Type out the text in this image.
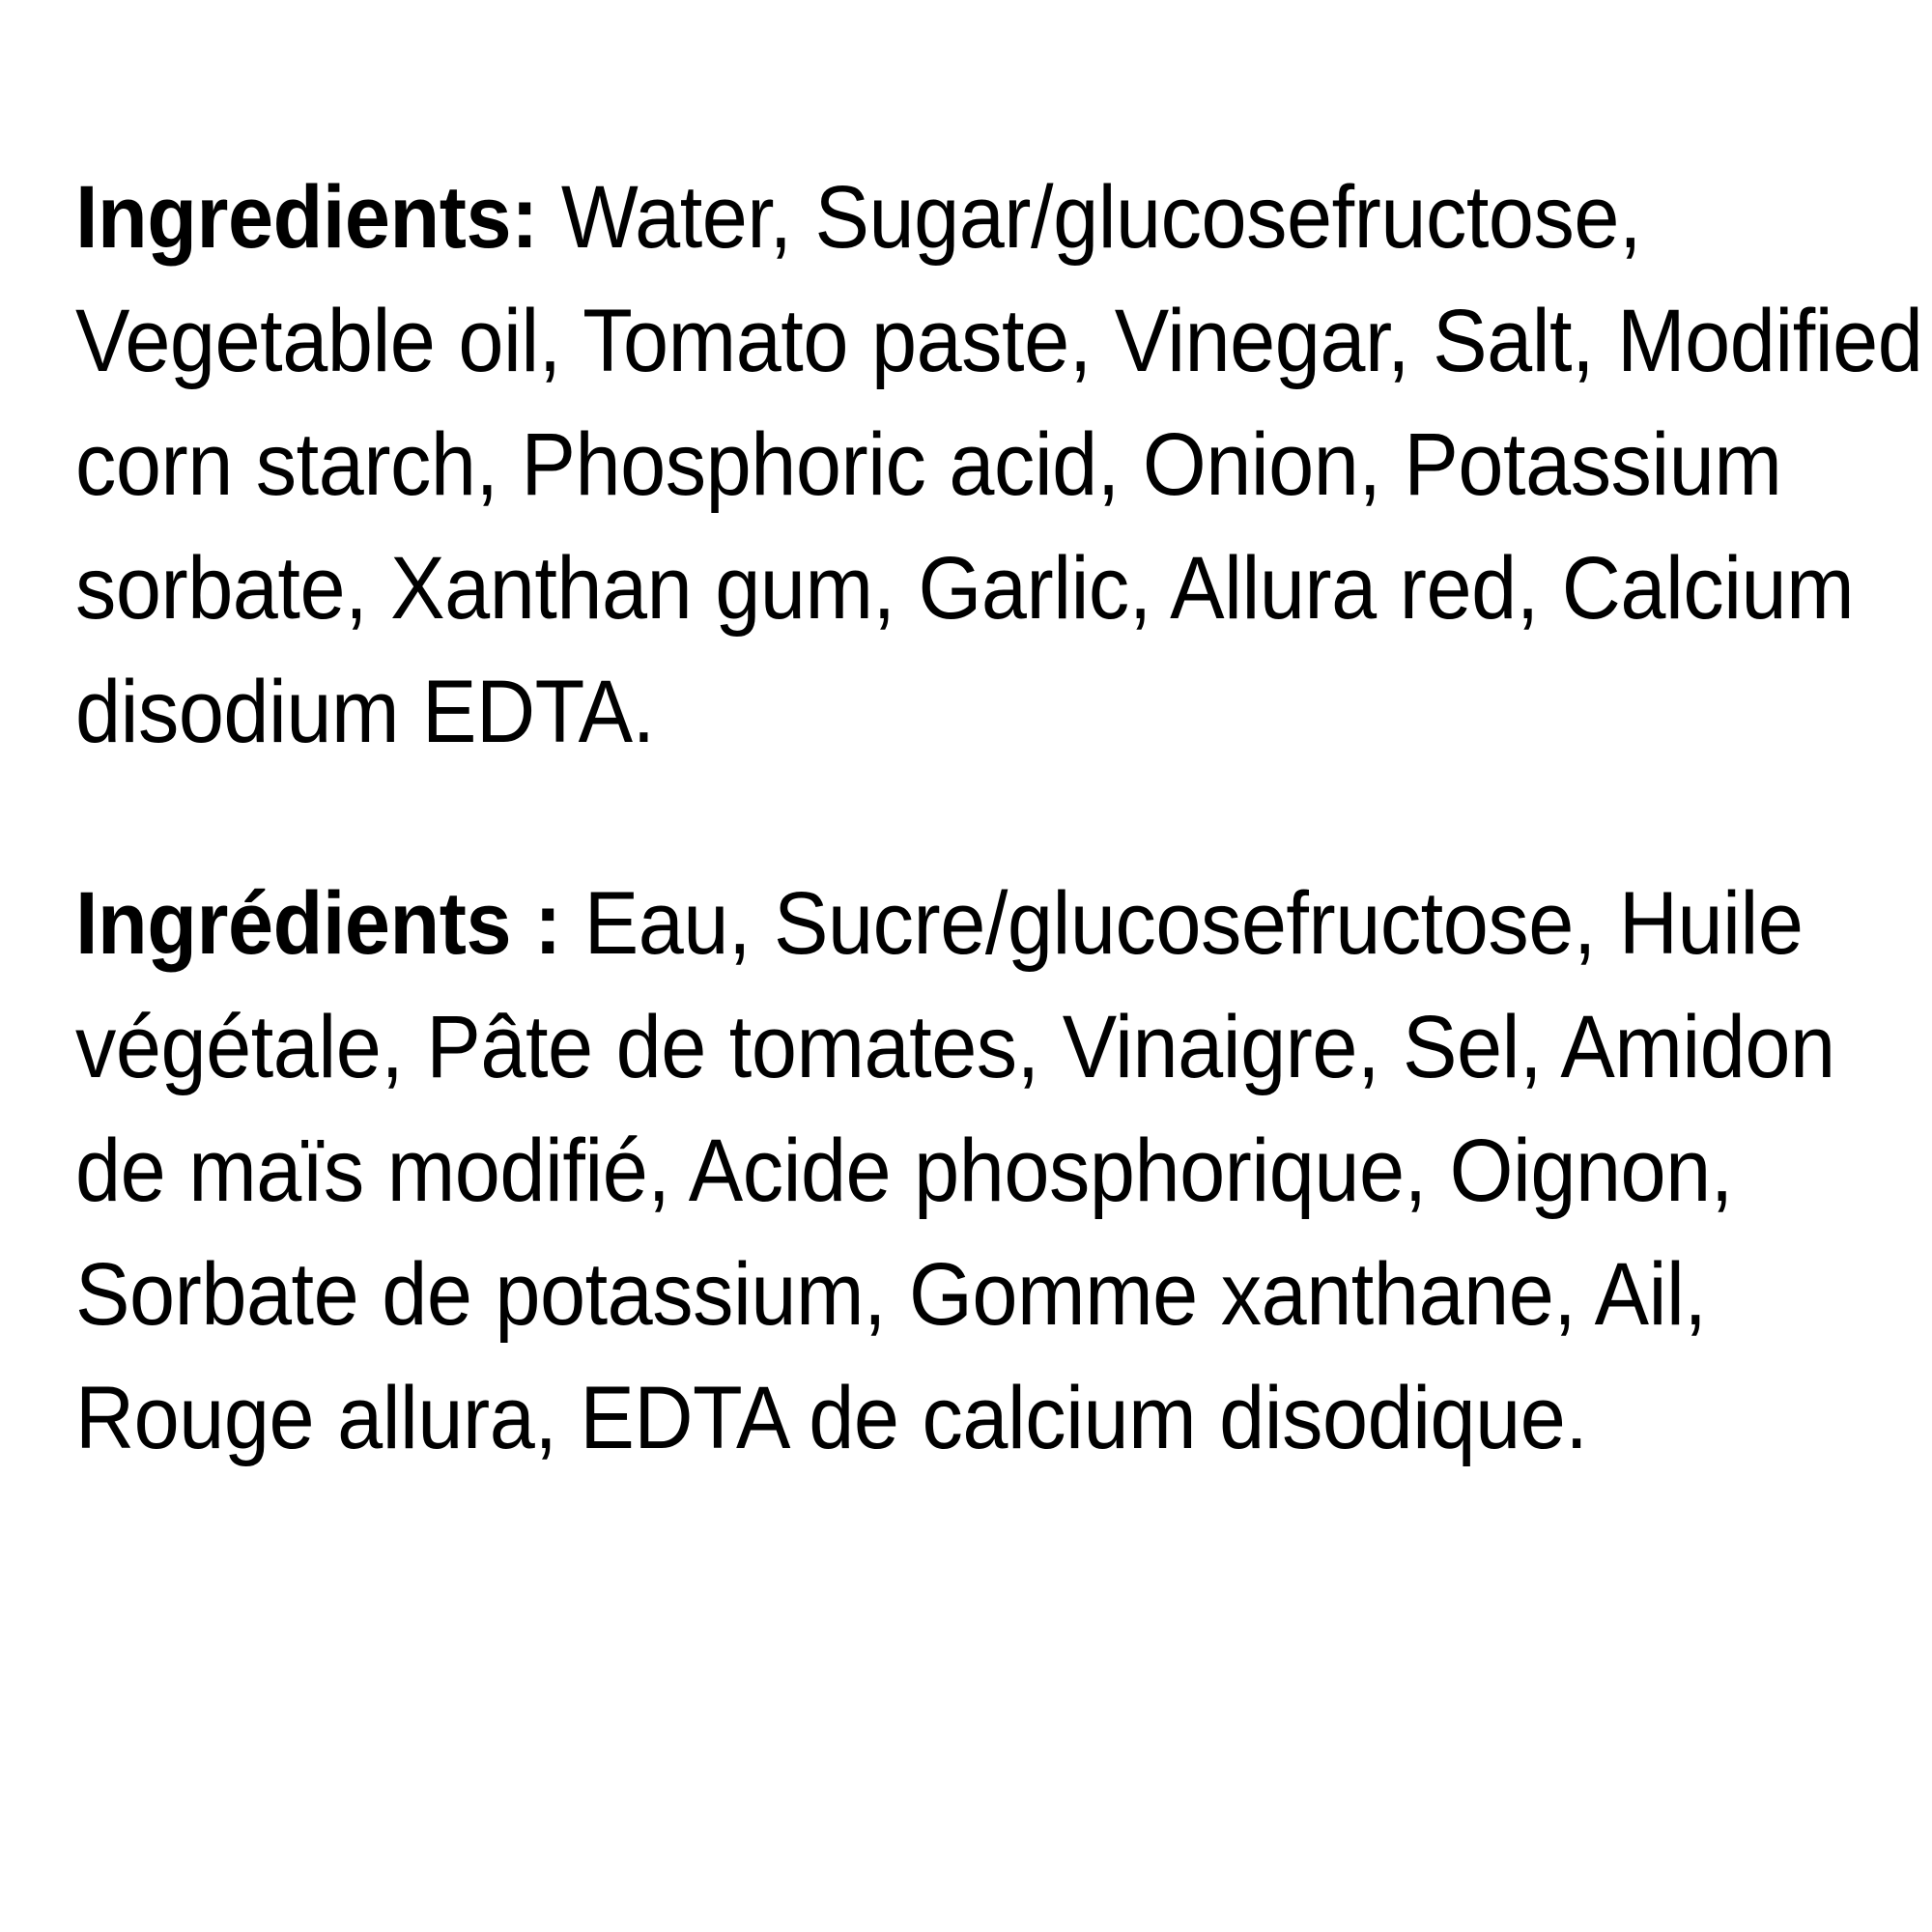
Ingredients: Water, Sugar/glucosefructose, Vegetable oil, Tomato paste, Vinegar, Salt, Modified corn starch, Phosphoric acid, Onion, Potassium sorbate, Xanthan gum, Garlic, Allura red, Calcium disodium EDTA.

Ingrédients : Eau, Sucre/glucosefructose, Huile végétale, Pâte de tomates, Vinaigre, Sel, Amidon de maïs modifié, Acide phosphorique, Oignon, Sorbate de potassium, Gomme xanthane, Ail, Rouge allura, EDTA de calcium disodique.
